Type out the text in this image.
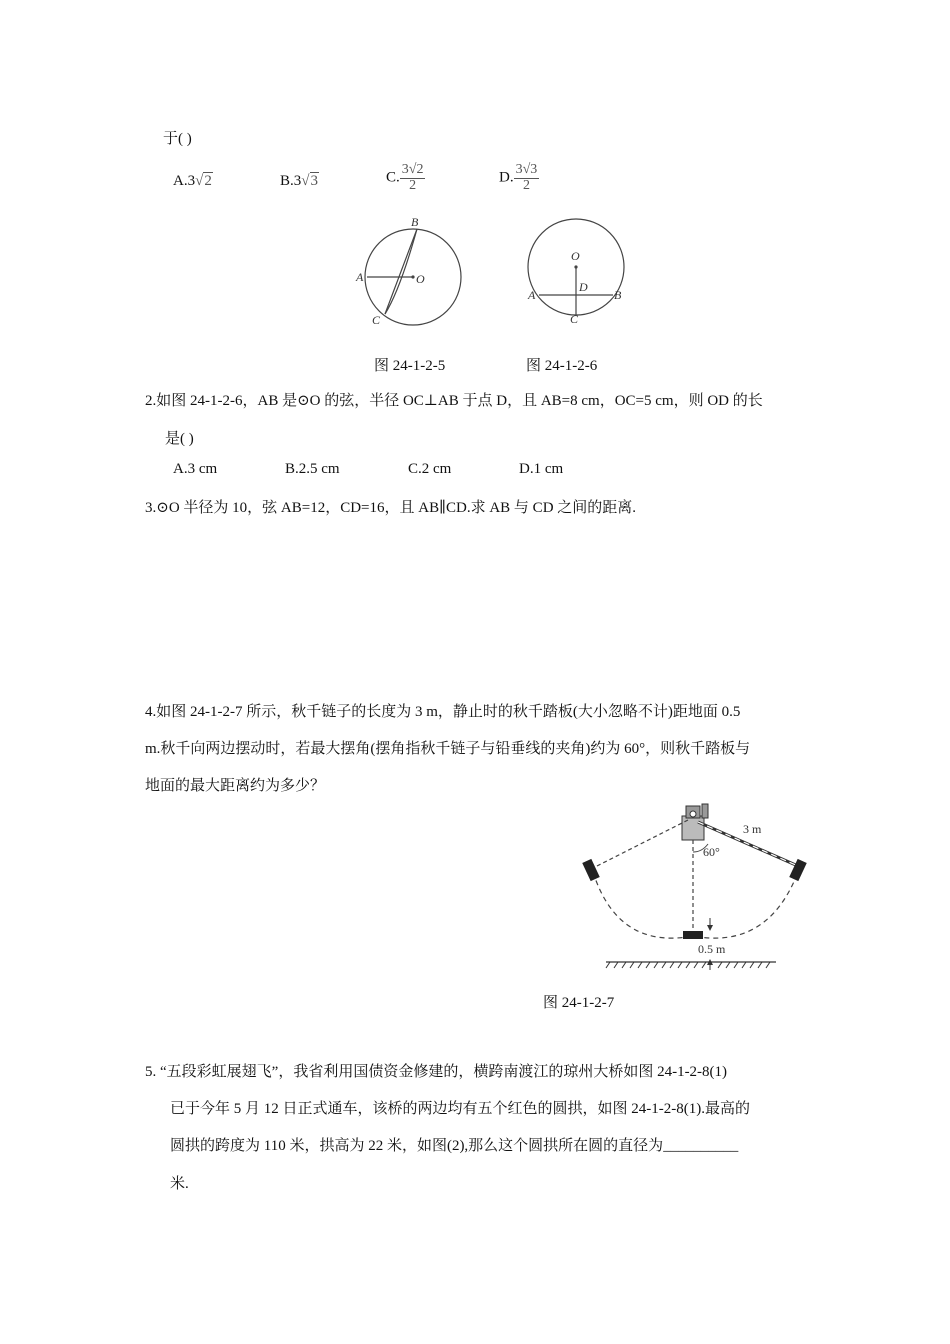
于( )
A.3√2	B.3√3	C. $\frac{3√2}{2}$	D. $\frac{3√3}{2}$
B
A	O
C
O
A	B
D
C
图 24-1-2-5	图 24-1-2-6
2.如图 24-1-2-6，AB 是⊙O 的弦，半径 OC⊥AB 于点 D，且 AB=8 cm，OC=5 cm，则 OD 的长
是( )
A.3 cm	B.2.5 cm	C.2 cm	D.1 cm
3.⊙O 半径为 10，弦 AB=12，CD=16，且 AB∥CD.求 AB 与 CD 之间的距离.
4.如图 24-1-2-7 所示，秋千链子的长度为 3 m，静止时的秋千踏板(大小忽略不计)距地面 0.5
m.秋千向两边摆动时，若最大摆角(摆角指秋千链子与铅垂线的夹角)约为 60°，则秋千踏板与
地面的最大距离约为多少？
60°
3 m
0.5 m
图 24-1-2-7
5. “五段彩虹展翅飞”，我省利用国债资金修建的，横跨南渡江的琼州大桥如图 24-1-2-8(1)
已于今年 5 月 12 日正式通车，该桥的两边均有五个红色的圆拱，如图 24-1-2-8(1).最高的
圆拱的跨度为 110 米，拱高为 22 米，如图(2),那么这个圆拱所在圆的直径为__________
米.
